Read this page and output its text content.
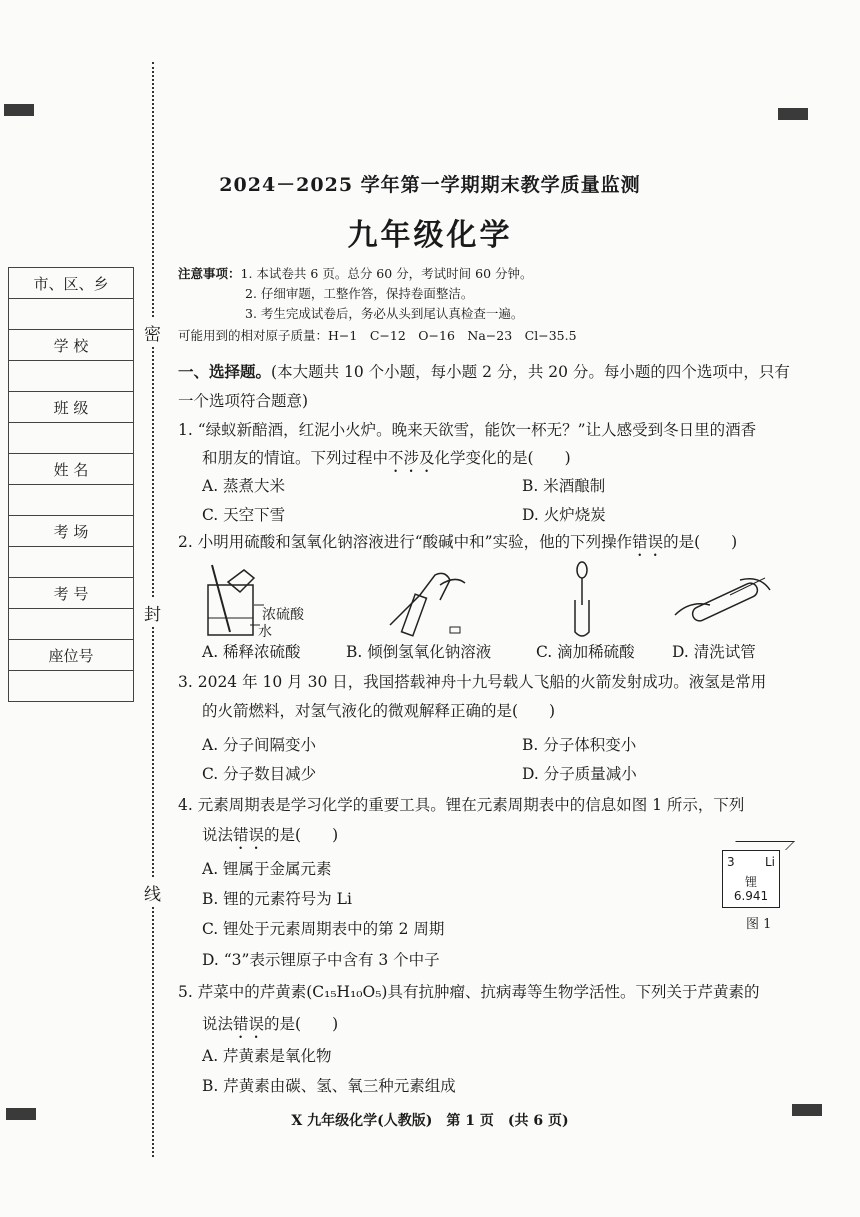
密
封
线
市、区、乡

学 校

班 级

姓 名

考 场

考 号

座位号

2024－2025 学年第一学期期末教学质量监测
九年级化学
注意事项：1. 本试卷共 6 页。总分 60 分，考试时间 60 分钟。
2. 仔细审题，工整作答，保持卷面整洁。
3. 考生完成试卷后，务必从头到尾认真检查一遍。
可能用到的相对原子质量：H−1　C−12　O−16　Na−23　Cl−35.5
一、选择题。(本大题共 10 个小题，每小题 2 分，共 20 分。每小题的四个选项中，只有
一个选项符合题意)
1. “绿蚁新醅酒，红泥小火炉。晚来天欲雪，能饮一杯无？”让人感受到冬日里的酒香
和朋友的情谊。下列过程中不涉及化学变化的是(　　)
A. 蒸煮大米	B. 米酒酿制
C. 天空下雪	D. 火炉烧炭
2. 小明用硫酸和氢氧化钠溶液进行“酸碱中和”实验，他的下列操作错误的是(　　)
浓硫酸
水
A. 稀释浓硫酸	B. 倾倒氢氧化钠溶液	C. 滴加稀硫酸 D. 清洗试管
3. 2024 年 10 月 30 日，我国搭载神舟十九号载人飞船的火箭发射成功。液氢是常用
的火箭燃料，对氢气液化的微观解释正确的是(　　)
A. 分子间隔变小	B. 分子体积变小
C. 分子数目减少	D. 分子质量减小
4. 元素周期表是学习化学的重要工具。锂在元素周期表中的信息如图 1 所示，下列
说法错误的是(　　)
A. 锂属于金属元素
B. 锂的元素符号为 Li
C. 锂处于元素周期表中的第 2 周期
D. “3”表示锂原子中含有 3 个中子
3	Li
锂
6.941
图 1
5. 芹菜中的芹黄素(C₁₅H₁₀O₅)具有抗肿瘤、抗病毒等生物学活性。下列关于芹黄素的
说法错误的是(　　)
A. 芹黄素是氧化物
B. 芹黄素由碳、氢、氧三种元素组成
X 九年级化学(人教版)　第 1 页　(共 6 页)
